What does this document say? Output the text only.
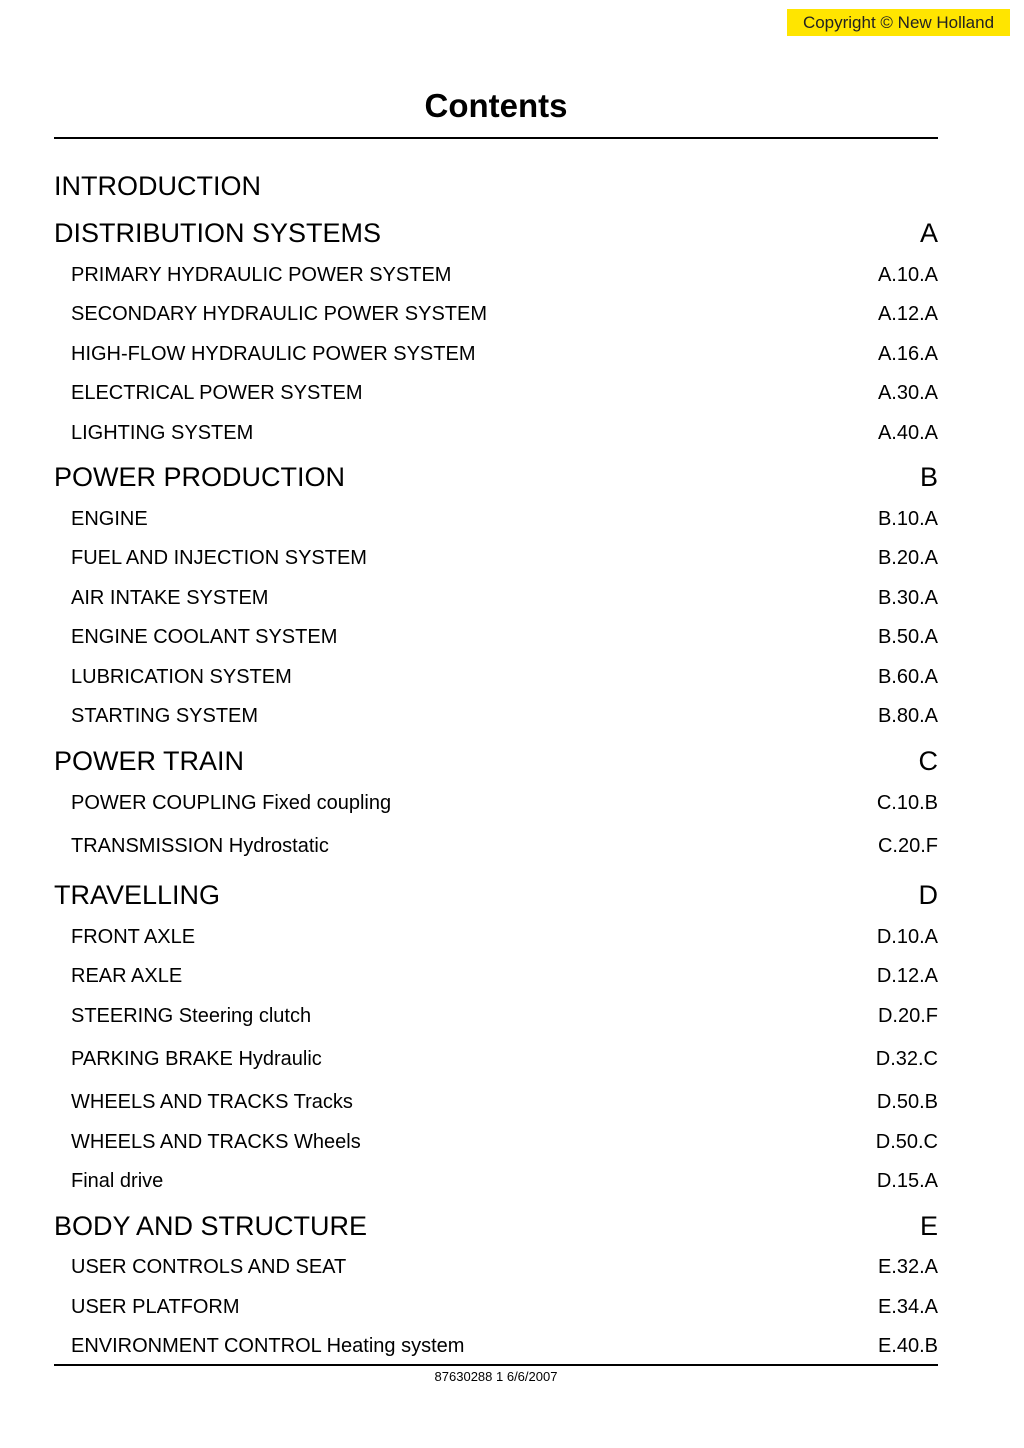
Copyright © New Holland
Contents
INTRODUCTION
DISTRIBUTION SYSTEMS	A
PRIMARY HYDRAULIC POWER SYSTEM	A.10.A
SECONDARY HYDRAULIC POWER SYSTEM	A.12.A
HIGH-FLOW HYDRAULIC POWER SYSTEM	A.16.A
ELECTRICAL POWER SYSTEM	A.30.A
LIGHTING SYSTEM	A.40.A
POWER PRODUCTION	B
ENGINE	B.10.A
FUEL AND INJECTION SYSTEM	B.20.A
AIR INTAKE SYSTEM	B.30.A
ENGINE COOLANT SYSTEM	B.50.A
LUBRICATION SYSTEM	B.60.A
STARTING SYSTEM	B.80.A
POWER TRAIN	C
POWER COUPLING Fixed coupling	C.10.B
TRANSMISSION Hydrostatic	C.20.F
TRAVELLING	D
FRONT AXLE	D.10.A
REAR AXLE	D.12.A
STEERING Steering clutch	D.20.F
PARKING BRAKE Hydraulic	D.32.C
WHEELS AND TRACKS Tracks	D.50.B
WHEELS AND TRACKS Wheels	D.50.C
Final drive	D.15.A
BODY AND STRUCTURE	E
USER CONTROLS AND SEAT	E.32.A
USER PLATFORM	E.34.A
ENVIRONMENT CONTROL Heating system	E.40.B
87630288 1 6/6/2007
